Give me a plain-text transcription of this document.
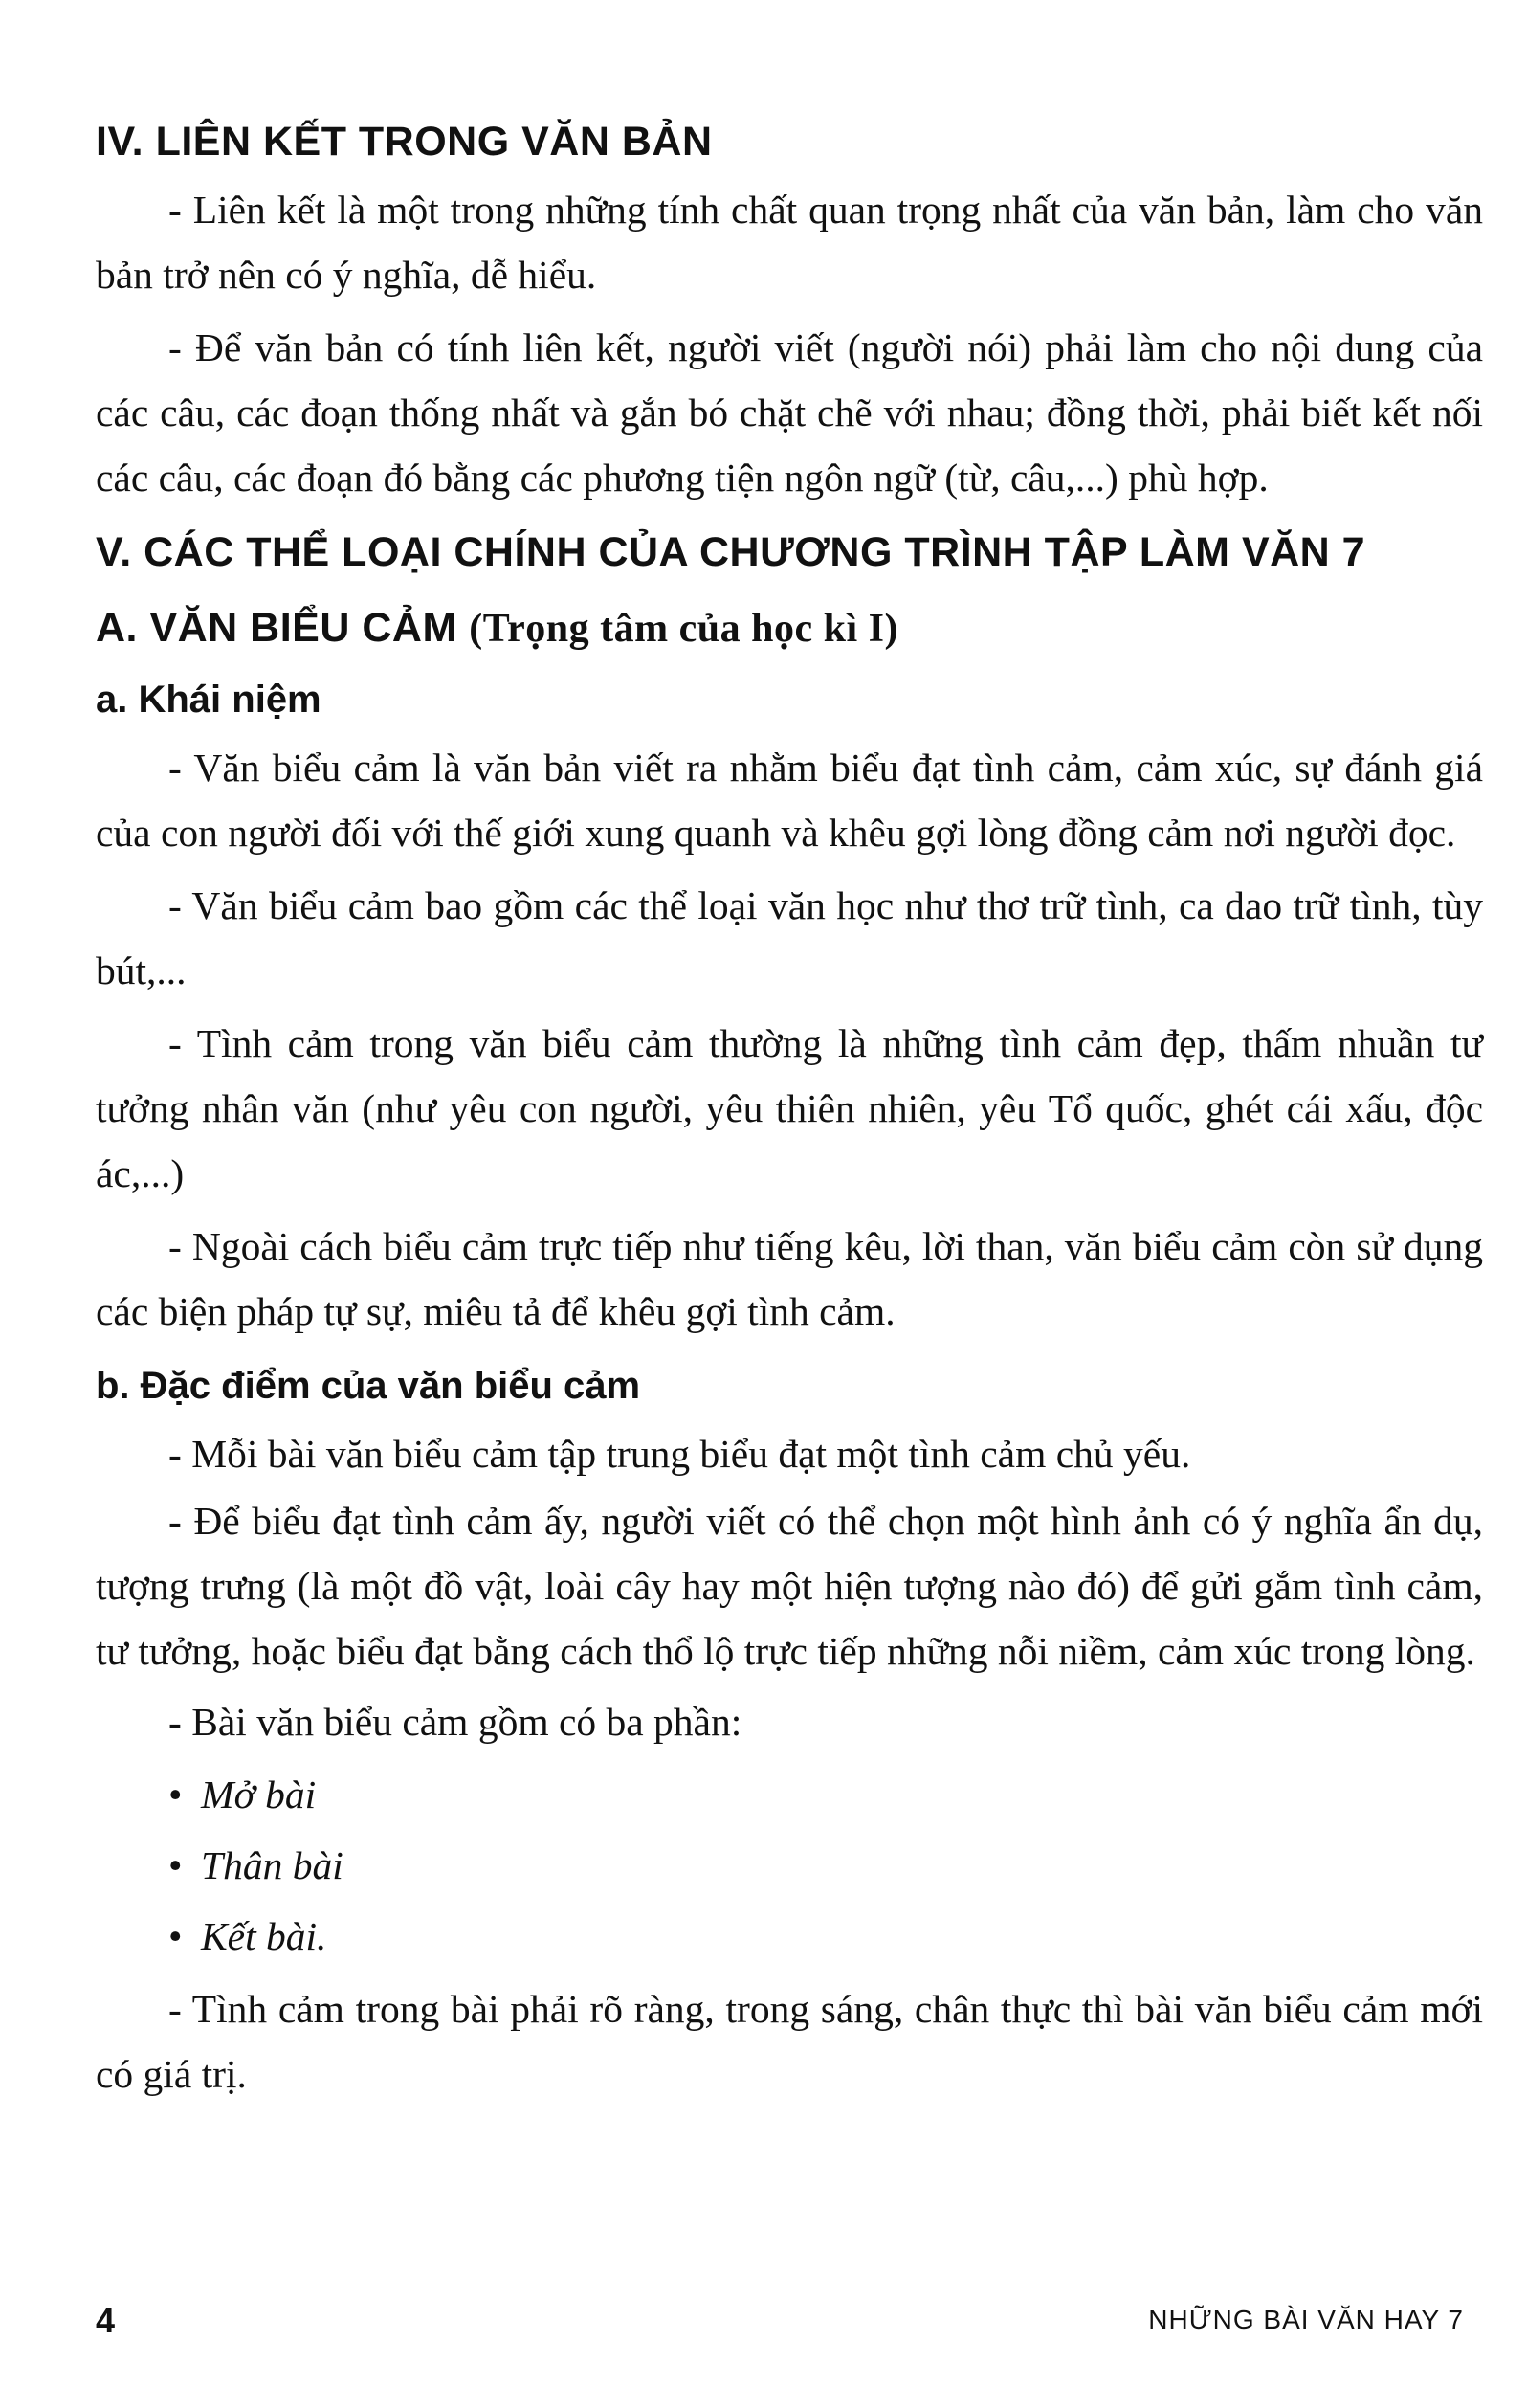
IV. LIÊN KẾT TRONG VĂN BẢN

- Liên kết là một trong những tính chất quan trọng nhất của văn bản, làm cho văn bản trở nên có ý nghĩa, dễ hiểu.

- Để văn bản có tính liên kết, người viết (người nói) phải làm cho nội dung của các câu, các đoạn thống nhất và gắn bó chặt chẽ với nhau; đồng thời, phải biết kết nối các câu, các đoạn đó bằng các phương tiện ngôn ngữ (từ, câu,...) phù hợp.

V. CÁC THỂ LOẠI CHÍNH CỦA CHƯƠNG TRÌNH TẬP LÀM VĂN 7
A. VĂN BIỂU CẢM (Trọng tâm của học kì I)
a. Khái niệm

- Văn biểu cảm là văn bản viết ra nhằm biểu đạt tình cảm, cảm xúc, sự đánh giá của con người đối với thế giới xung quanh và khêu gợi lòng đồng cảm nơi người đọc.

- Văn biểu cảm bao gồm các thể loại văn học như thơ trữ tình, ca dao trữ tình, tùy bút,...

- Tình cảm trong văn biểu cảm thường là những tình cảm đẹp, thấm nhuần tư tưởng nhân văn (như yêu con người, yêu thiên nhiên, yêu Tổ quốc, ghét cái xấu, độc ác,...)

- Ngoài cách biểu cảm trực tiếp như tiếng kêu, lời than, văn biểu cảm còn sử dụng các biện pháp tự sự, miêu tả để khêu gợi tình cảm.

b. Đặc điểm của văn biểu cảm

- Mỗi bài văn biểu cảm tập trung biểu đạt một tình cảm chủ yếu.

- Để biểu đạt tình cảm ấy, người viết có thể chọn một hình ảnh có ý nghĩa ẩn dụ, tượng trưng (là một đồ vật, loài cây hay một hiện tượng nào đó) để gửi gắm tình cảm, tư tưởng, hoặc biểu đạt bằng cách thổ lộ trực tiếp những nỗi niềm, cảm xúc trong lòng.

- Bài văn biểu cảm gồm có ba phần:

• Mở bài

• Thân bài

• Kết bài.

- Tình cảm trong bài phải rõ ràng, trong sáng, chân thực thì bài văn biểu cảm mới có giá trị.

4	NHỮNG BÀI VĂN HAY 7
